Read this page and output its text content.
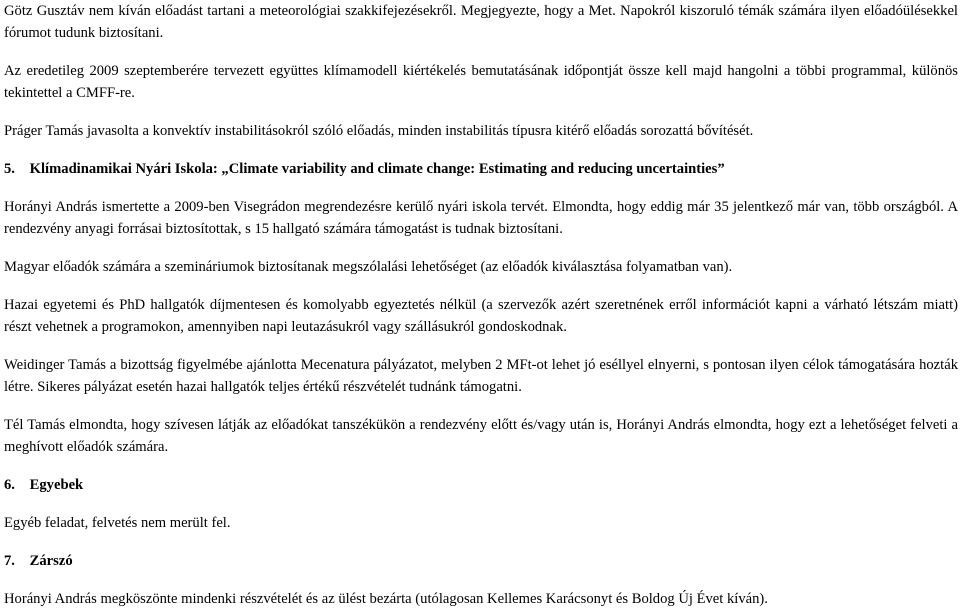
Götz Gusztáv nem kíván előadást tartani a meteorológiai szakkifejezésekről. Megjegyezte, hogy a Met. Napokról kiszoruló témák számára ilyen előadóülésekkel fórumot tudunk biztosítani.

Az eredetileg 2009 szeptemberére tervezett együttes klímamodell kiértékelés bemutatásának időpontját össze kell majd hangolni a többi programmal, különös tekintettel a CMFF-re.

Práger Tamás javasolta a konvektív instabilitásokról szóló előadás, minden instabilitás típusra kitérő előadás sorozattá bővítését.

5. Klímadinamikai Nyári Iskola: „Climate variability and climate change: Estimating and reducing uncertainties”

Horányi András ismertette a 2009-ben Visegrádon megrendezésre kerülő nyári iskola tervét. Elmondta, hogy eddig már 35 jelentkező már van, több országból. A rendezvény anyagi forrásai biztosítottak, s 15 hallgató számára támogatást is tudnak biztosítani.

Magyar előadók számára a szemináriumok biztosítanak megszólalási lehetőséget (az előadók kiválasztása folyamatban van).

Hazai egyetemi és PhD hallgatók díjmentesen és komolyabb egyeztetés nélkül (a szervezők azért szeretnének erről információt kapni a várható létszám miatt) részt vehetnek a programokon, amennyiben napi leutazásukról vagy szállásukról gondoskodnak.

Weidinger Tamás a bizottság figyelmébe ajánlotta Mecenatura pályázatot, melyben 2 MFt-ot lehet jó eséllyel elnyerni, s pontosan ilyen célok támogatására hozták létre. Sikeres pályázat esetén hazai hallgatók teljes értékű részvételét tudnánk támogatni.

Tél Tamás elmondta, hogy szívesen látják az előadókat tanszékükön a rendezvény előtt és/vagy után is, Horányi András elmondta, hogy ezt a lehetőséget felveti a meghívott előadók számára.

6. Egyebek

Egyéb feladat, felvetés nem merült fel.

7. Zárszó

Horányi András megköszönte mindenki részvételét és az ülést bezárta (utólagosan Kellemes Karácsonyt és Boldog Új Évet kíván).
